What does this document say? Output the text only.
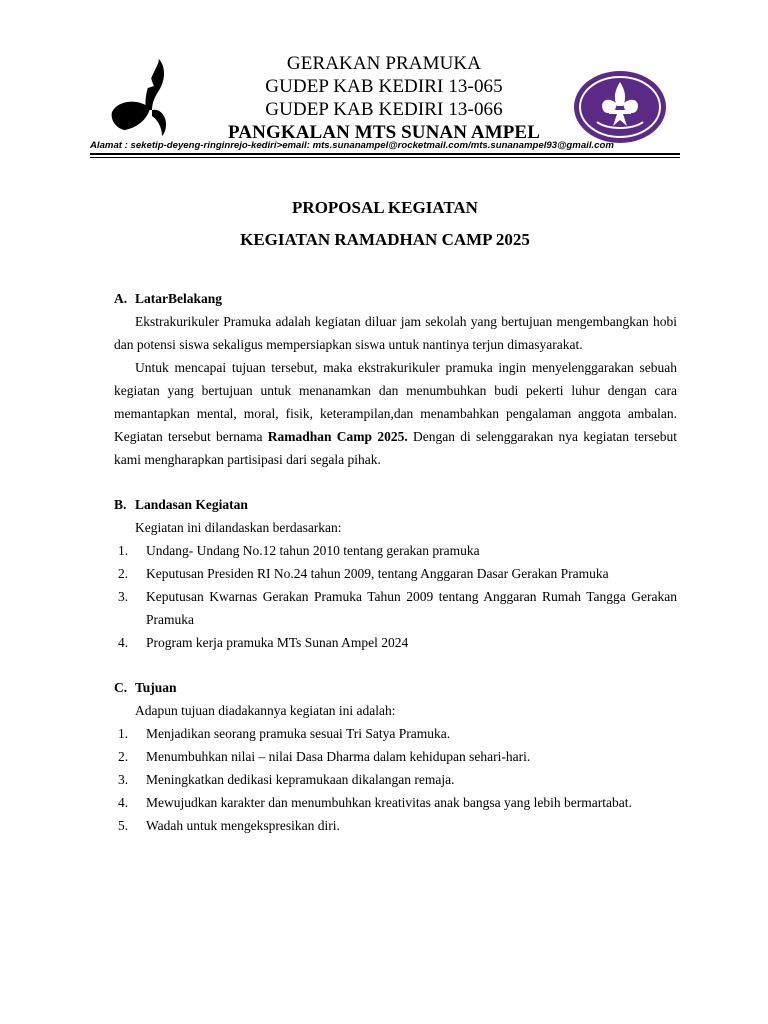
GERAKAN PRAMUKA
GUDEP KAB KEDIRI 13-065
GUDEP KAB KEDIRI 13-066
PANGKALAN MTS SUNAN AMPEL
Alamat : seketip-deyeng-ringinrejo-kediri>email: mts.sunanampel@rocketmail.com/mts.sunanampel93@gmail.com
PROPOSAL KEGIATAN
KEGIATAN RAMADHAN CAMP 2025
A. LatarBelakang

Ekstrakurikuler Pramuka adalah kegiatan diluar jam sekolah yang bertujuan mengembangkan hobi dan potensi siswa sekaligus mempersiapkan siswa untuk nantinya terjun dimasyarakat.

Untuk mencapai tujuan tersebut, maka ekstrakurikuler pramuka ingin menyelenggarakan sebuah kegiatan yang bertujuan untuk menanamkan dan menumbuhkan budi pekerti luhur dengan cara memantapkan mental, moral, fisik, keterampilan,dan menambahkan pengalaman anggota ambalan. Kegiatan tersebut bernama Ramadhan Camp 2025. Dengan di selenggarakan nya kegiatan tersebut kami mengharapkan partisipasi dari segala pihak.

B. Landasan Kegiatan

Kegiatan ini dilandaskan berdasarkan:

1.	Undang- Undang No.12 tahun 2010 tentang gerakan pramuka
2.	Keputusan Presiden RI No.24 tahun 2009, tentang Anggaran Dasar Gerakan Pramuka
3.	Keputusan Kwarnas Gerakan Pramuka Tahun 2009 tentang Anggaran Rumah Tangga Gerakan Pramuka
4.	Program kerja pramuka MTs Sunan Ampel 2024
C. Tujuan

Adapun tujuan diadakannya kegiatan ini adalah:

1.	Menjadikan seorang pramuka sesuai Tri Satya Pramuka.
2.	Menumbuhkan nilai – nilai Dasa Dharma dalam kehidupan sehari-hari.
3.	Meningkatkan dedikasi kepramukaan dikalangan remaja.
4.	Mewujudkan karakter dan menumbuhkan kreativitas anak bangsa yang lebih bermartabat.
5.	Wadah untuk mengekspresikan diri.
